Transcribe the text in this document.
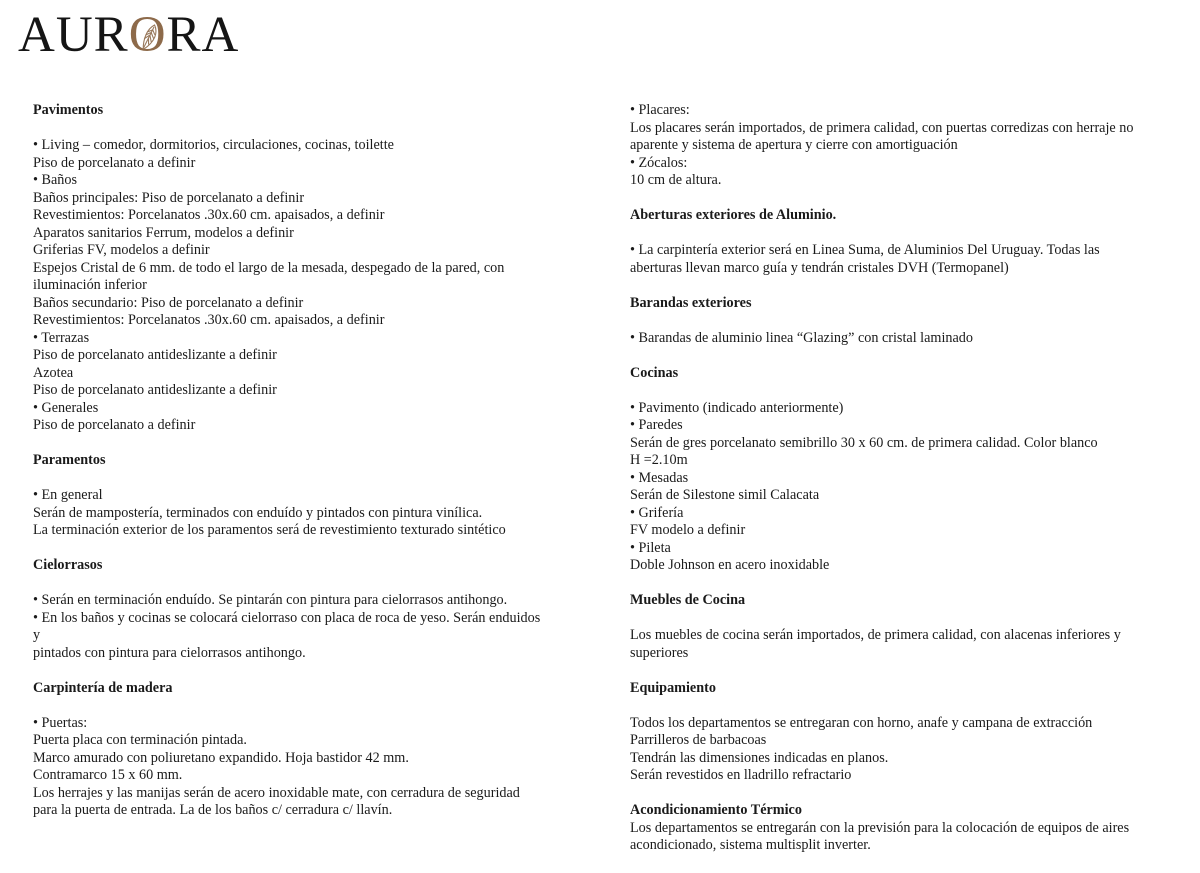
AUR O RA
Pavimentos
• Living – comedor, dormitorios, circulaciones, cocinas, toilette
Piso de porcelanato a definir
• Baños
Baños principales: Piso de porcelanato a definir
Revestimientos: Porcelanatos .30x.60 cm. apaisados, a definir
Aparatos sanitarios Ferrum, modelos a definir
Griferias FV, modelos a definir
Espejos Cristal de 6 mm. de todo el largo de la mesada, despegado de la pared, con
iluminación inferior
Baños secundario: Piso de porcelanato a definir
Revestimientos: Porcelanatos .30x.60 cm. apaisados, a definir
• Terrazas
Piso de porcelanato antideslizante a definir
Azotea
Piso de porcelanato antideslizante a definir
• Generales
Piso de porcelanato a definir
Paramentos
• En general
Serán de mampostería, terminados con enduído y pintados con pintura vinílica.
La terminación exterior de los paramentos será de revestimiento texturado sintético
Cielorrasos
• Serán en terminación enduído. Se pintarán con pintura para cielorrasos antihongo.
• En los baños y cocinas se colocará cielorraso con placa de roca de yeso. Serán enduidos
y
pintados con pintura para cielorrasos antihongo.
Carpintería de madera
• Puertas:
Puerta placa con terminación pintada.
Marco amurado con poliuretano expandido. Hoja bastidor 42 mm.
Contramarco 15 x 60 mm.
Los herrajes y las manijas serán de acero inoxidable mate, con cerradura de seguridad
para la puerta de entrada. La de los baños c/ cerradura c/ llavín.
• Placares:
Los placares serán importados, de primera calidad, con puertas corredizas con herraje no
aparente y sistema de apertura y cierre con amortiguación
• Zócalos:
10 cm de altura.
Aberturas exteriores de Aluminio.
• La carpintería exterior será en Linea Suma, de Aluminios Del Uruguay. Todas las
aberturas llevan marco guía y tendrán cristales DVH (Termopanel)
Barandas exteriores
• Barandas de aluminio linea “Glazing” con cristal laminado
Cocinas
• Pavimento (indicado anteriormente)
• Paredes
Serán de gres porcelanato semibrillo 30 x 60 cm. de primera calidad. Color blanco
H =2.10m
• Mesadas
Serán de Silestone simil Calacata
• Grifería
FV modelo a definir
• Pileta
Doble Johnson en acero inoxidable
Muebles de Cocina
Los muebles de cocina serán importados, de primera calidad, con alacenas inferiores y
superiores
Equipamiento
Todos los departamentos se entregaran con horno, anafe y campana de extracción
Parrilleros de barbacoas
Tendrán las dimensiones indicadas en planos.
Serán revestidos en lladrillo refractario
Acondicionamiento Térmico
Los departamentos se entregarán con la previsión para la colocación de equipos de aires
acondicionado, sistema multisplit inverter.
